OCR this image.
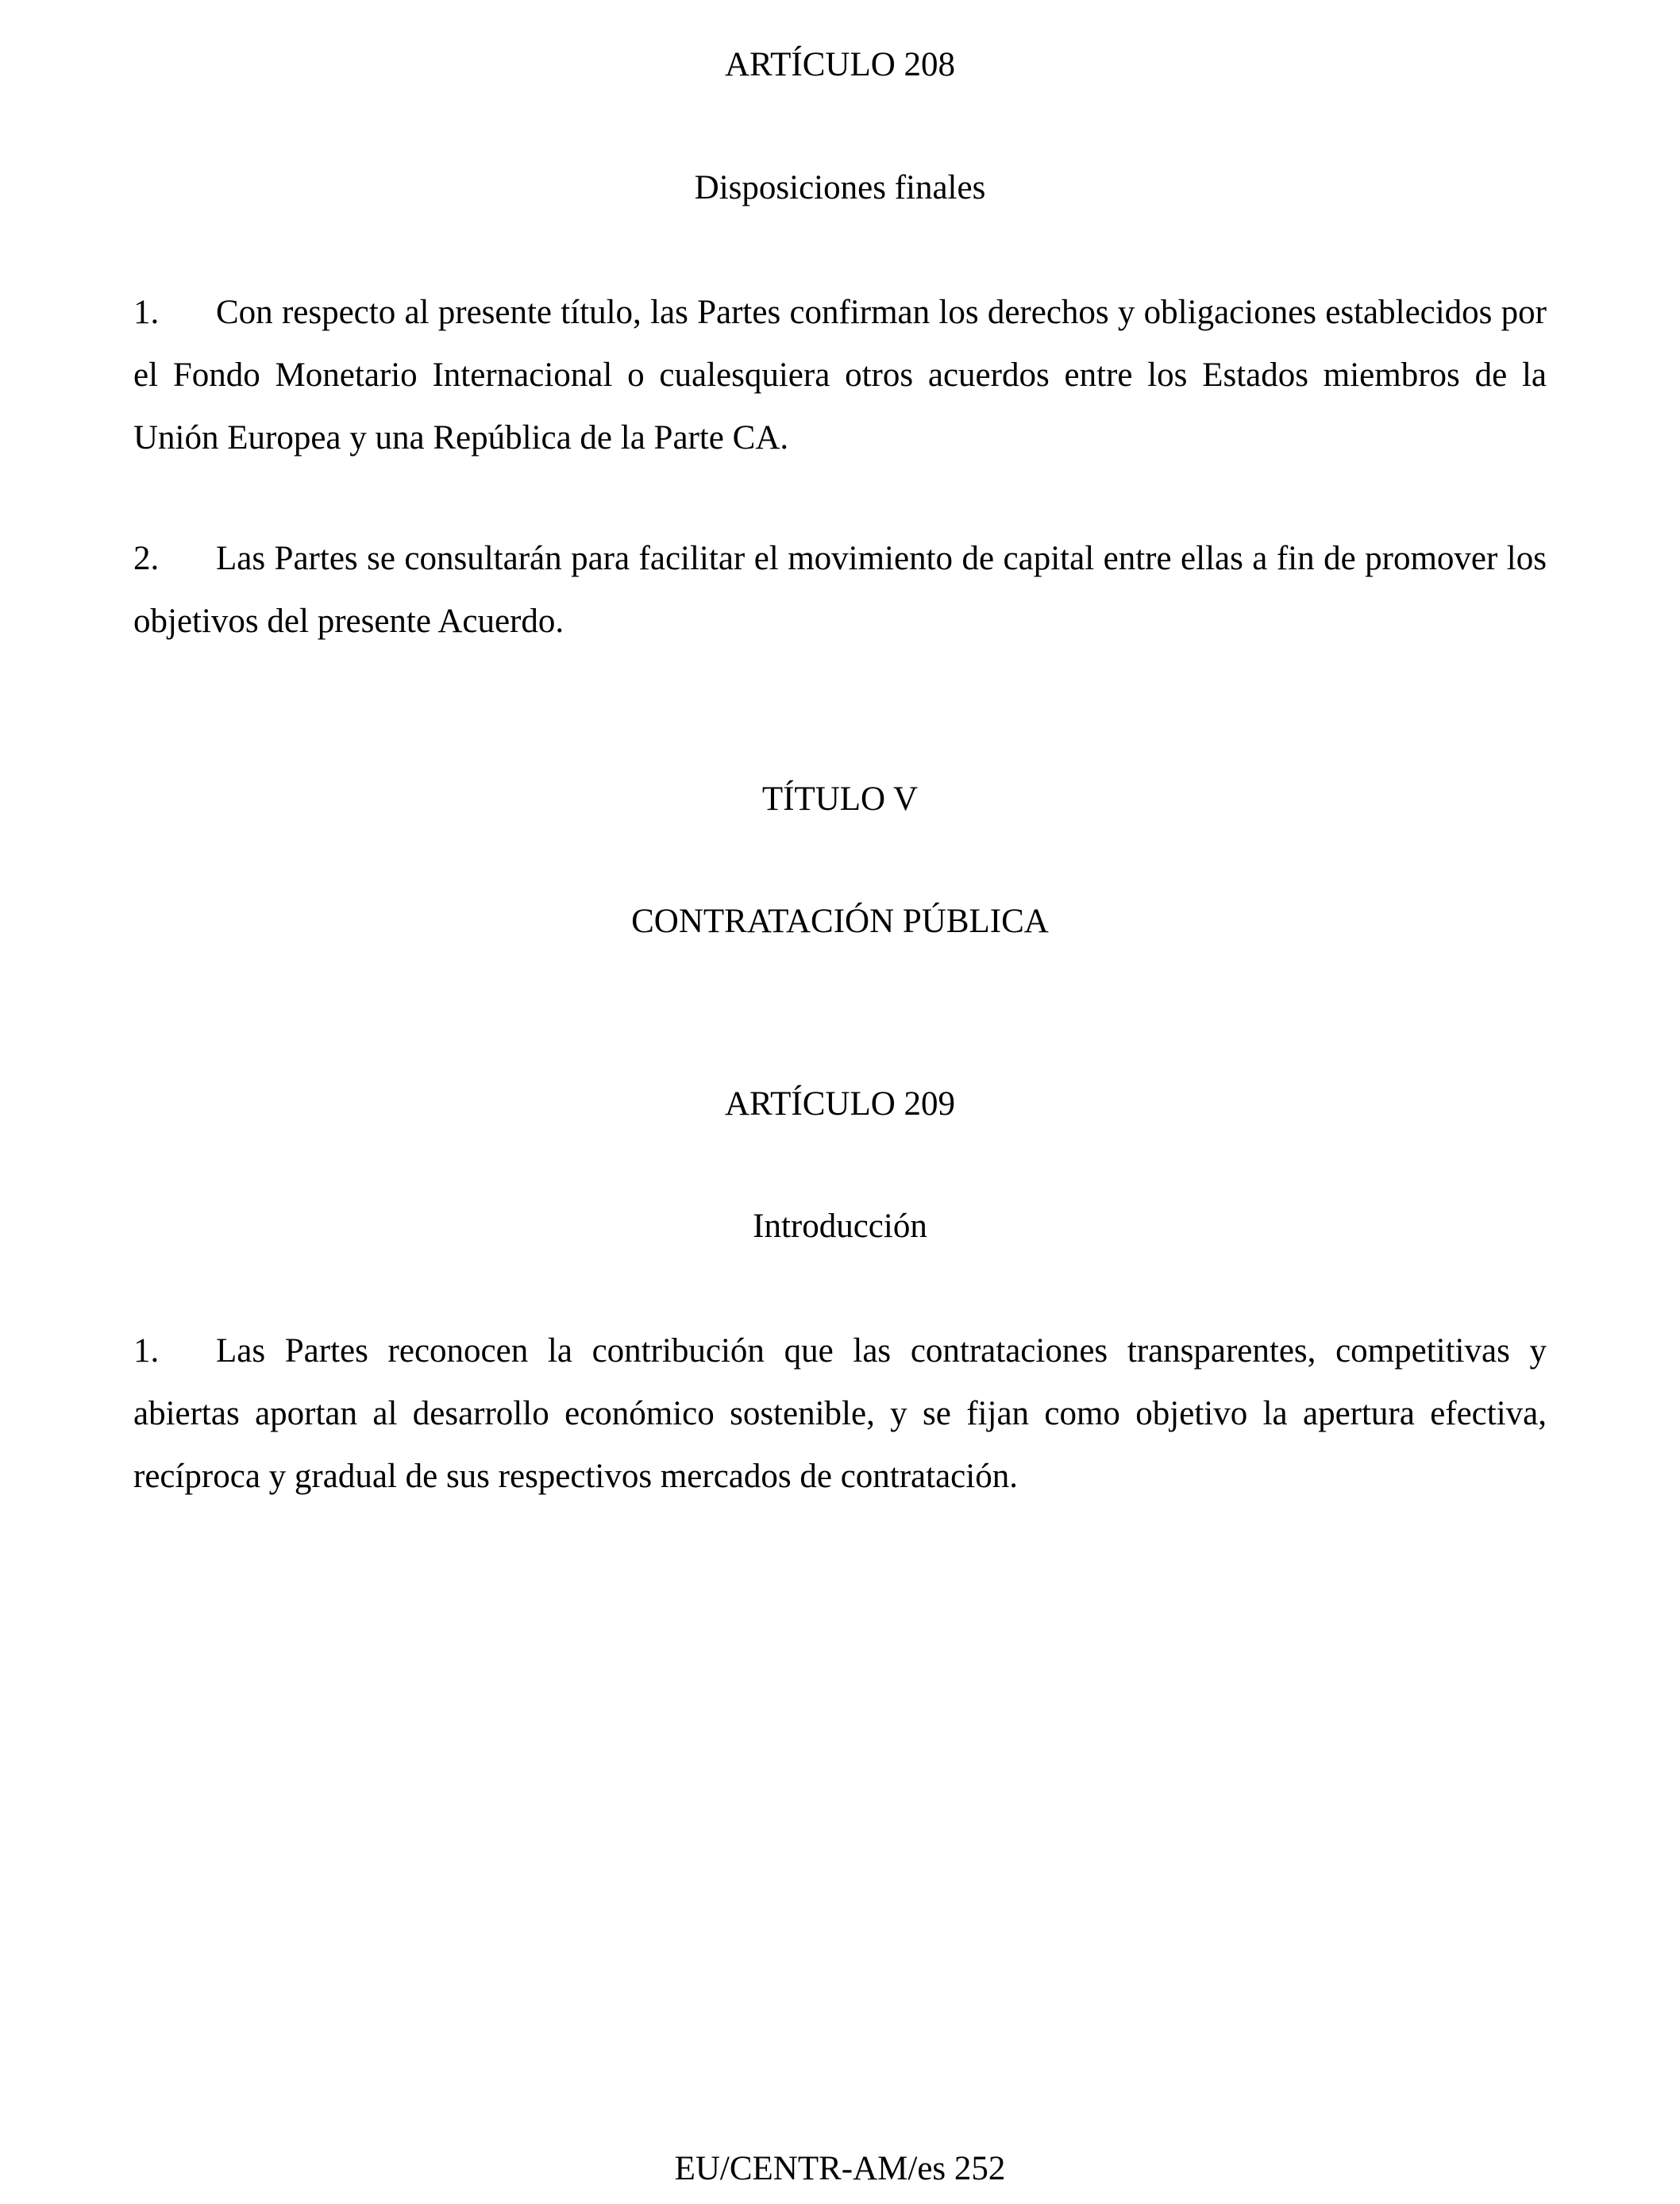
ARTÍCULO 208
Disposiciones finales

1. Con respecto al presente título, las Partes confirman los derechos y obligaciones establecidos por el Fondo Monetario Internacional o cualesquiera otros acuerdos entre los Estados miembros de la Unión Europea y una República de la Parte CA.

2. Las Partes se consultarán para facilitar el movimiento de capital entre ellas a fin de promover los objetivos del presente Acuerdo.

TÍTULO V
CONTRATACIÓN PÚBLICA
ARTÍCULO 209
Introducción

1. Las Partes reconocen la contribución que las contrataciones transparentes, competitivas y abiertas aportan al desarrollo económico sostenible, y se fijan como objetivo la apertura efectiva, recíproca y gradual de sus respectivos mercados de contratación.

EU/CENTR-AM/es 252
